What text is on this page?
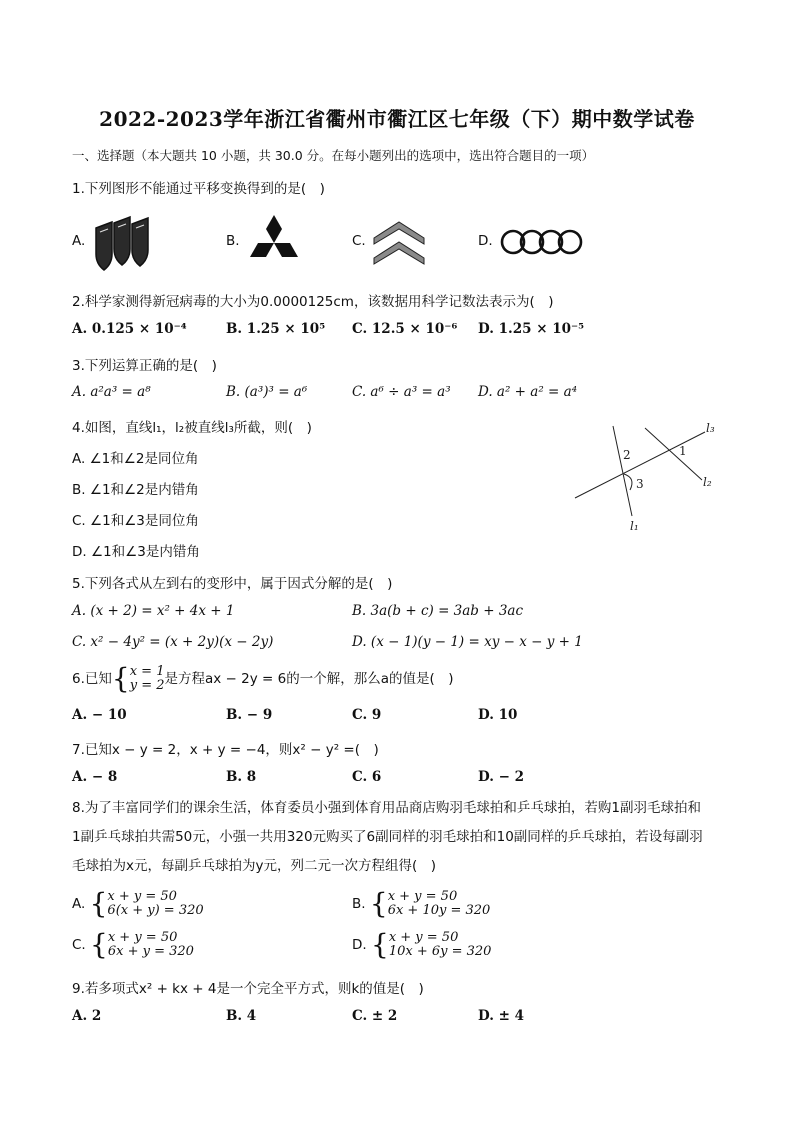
2022-2023学年浙江省衢州市衢江区七年级（下）期中数学试卷
一、选择题（本大题共 10 小题，共 30.0 分。在每小题列出的选项中，选出符合题目的一项）
1.下列图形不能通过平移变换得到的是(　)
A.	B.	C.	D.
2.科学家测得新冠病毒的大小为0.0000125cm，该数据用科学记数法表示为(　)
A. 0.125 × 10⁻⁴	B. 1.25 × 10⁵ C. 12.5 × 10⁻⁶ D. 1.25 × 10⁻⁵
3.下列运算正确的是(　)
A. a²a³ = a⁸	B. (a³)³ = a⁶	C. a⁶ ÷ a³ = a³ D. a² + a² = a⁴
4.如图，直线l₁，l₂被直线l₃所截，则(　)
A. ∠1和∠2是同位角
B. ∠1和∠2是内错角
C. ∠1和∠3是同位角
D. ∠1和∠3是内错角
l₃
l₂
l₁
1
2
3
5.下列各式从左到右的变形中，属于因式分解的是(　)
A. (x + 2) = x² + 4x + 1	B. 3a(b + c) = 3ab + 3ac
C. x² − 4y² = (x + 2y)(x − 2y)	D. (x − 1)(y − 1) = xy − x − y + 1
6.已知{ x = 1
y = 2 是方程ax − 2y = 6的一个解，那么a的值是(　)
A. − 10	B. − 9	C. 9	D. 10
7.已知x − y = 2，x + y = −4，则x² − y² =(　)
A. − 8	B. 8	C. 6	D. − 2
8.为了丰富同学们的课余生活，体育委员小强到体育用品商店购羽毛球拍和乒乓球拍，若购1副羽毛球拍和
1副乒乓球拍共需50元，小强一共用320元购买了6副同样的羽毛球拍和10副同样的乒乓球拍，若设每副羽
毛球拍为x元，每副乒乓球拍为y元，列二元一次方程组得(　)
A. { x + y = 50
6(x + y) = 320	B. { x + y = 50
6x + 10y = 320
C. { x + y = 50
6x + y = 320	D. { x + y = 50
10x + 6y = 320
9.若多项式x² + kx + 4是一个完全平方式，则k的值是(　)
A. 2	B. 4	C. ± 2	D. ± 4
